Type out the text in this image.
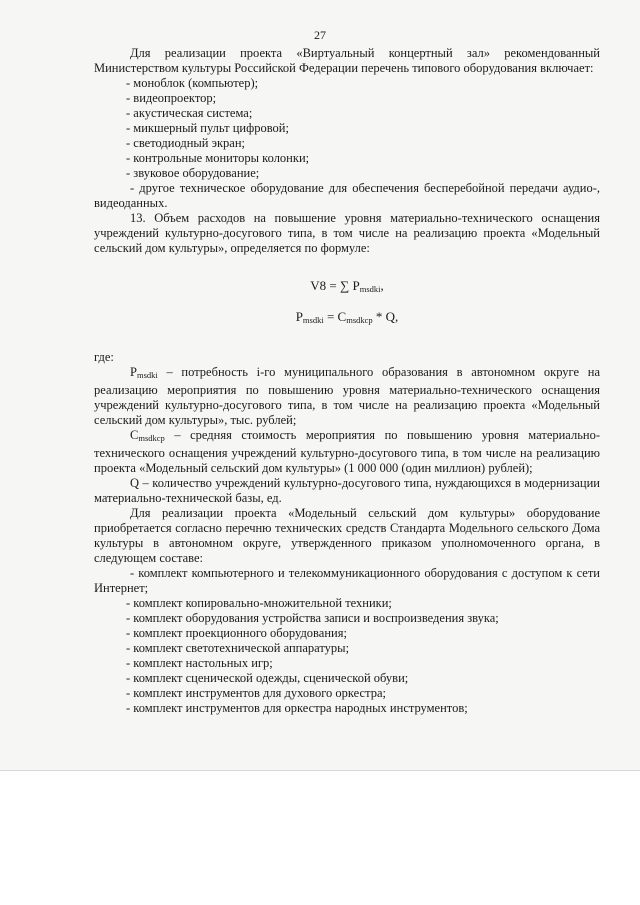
27

Для реализации проекта «Виртуальный концертный зал» рекомендованный Министерством культуры Российской Федерации перечень типового оборудования включает:

- моноблок (компьютер);
- видеопроектор;
- акустическая система;
- микшерный пульт цифровой;
- светодиодный экран;
- контрольные мониторы колонки;
- звуковое оборудование;

- другое техническое оборудование для обеспечения бесперебойной передачи аудио-, видеоданных.

13. Объем расходов на повышение уровня материально-технического оснащения учреждений культурно-досугового типа, в том числе на реализацию проекта «Модельный сельский дом культуры», определяется по формуле:

V8 = ∑ $P_{msdki}$,

$P_{msdki} = C_{msdkcp} * Q$,

где:

$P_{msdki}$ – потребность i-го муниципального образования в автономном округе на реализацию мероприятия по повышению уровня материально-технического оснащения учреждений культурно-досугового типа, в том числе на реализацию проекта «Модельный сельский дом культуры», тыс. рублей;

$C_{msdkcp}$ – средняя стоимость мероприятия по повышению уровня материально-технического оснащения учреждений культурно-досугового типа, в том числе на реализацию проекта «Модельный сельский дом культуры» (1 000 000 (один миллион) рублей);

Q – количество учреждений культурно-досугового типа, нуждающихся в модернизации материально-технической базы, ед.

Для реализации проекта «Модельный сельский дом культуры» оборудование приобретается согласно перечню технических средств Стандарта Модельного сельского Дома культуры в автономном округе, утвержденного приказом уполномоченного органа, в следующем составе:

- комплект компьютерного и телекоммуникационного оборудования с доступом к сети Интернет;

- комплект копировально-множительной техники;
- комплект оборудования устройства записи и воспроизведения звука;
- комплект проекционного оборудования;
- комплект светотехнической аппаратуры;
- комплект настольных игр;
- комплект сценической одежды, сценической обуви;
- комплект инструментов для духового оркестра;
- комплект инструментов для оркестра народных инструментов;
